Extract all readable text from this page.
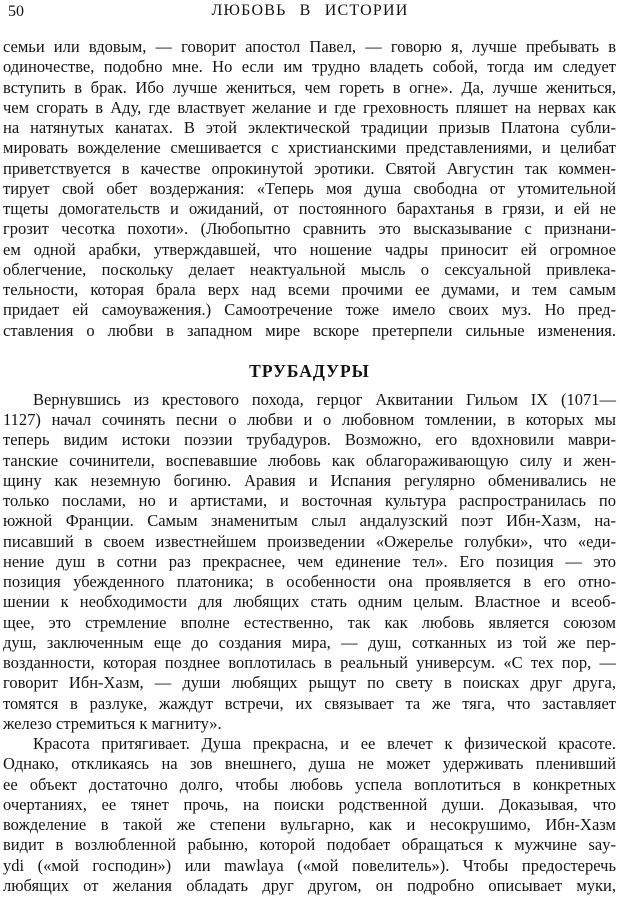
50	ЛЮБОВЬ В ИСТОРИИ
семьи или вдовым, — говорит апостол Павел, — говорю я, лучше пребывать в
одиночестве, подобно мне. Но если им трудно владеть собой, тогда им следует
вступить в брак. Ибо лучше жениться, чем гореть в огне». Да, лучше жениться,
чем сгорать в Аду, где властвует желание и где греховность пляшет на нервах как
на натянутых канатах. В этой эклектической традиции призыв Платона субли-
мировать вожделение смешивается с христианскими представлениями, и целибат
приветствуется в качестве опрокинутой эротики. Святой Августин так коммен-
тирует свой обет воздержания: «Теперь моя душа свободна от утомительной
тщеты домогательств и ожиданий, от постоянного барахтанья в грязи, и ей не
грозит чесотка похоти». (Любопытно сравнить это высказывание с признани-
ем одной арабки, утверждавшей, что ношение чадры приносит ей огромное
облегчение, поскольку делает неактуальной мысль о сексуальной привлека-
тельности, которая брала верх над всеми прочими ее думами, и тем самым
придает ей самоуважения.) Самоотречение тоже имело своих муз. Но пред-
ставления о любви в западном мире вскоре претерпели сильные изменения.
ТРУБАДУРЫ
Вернувшись из крестового похода, герцог Аквитании Гильом IX (1071—
1127) начал сочинять песни о любви и о любовном томлении, в которых мы
теперь видим истоки поэзии трубадуров. Возможно, его вдохновили маври-
танские сочинители, воспевавшие любовь как облагораживающую силу и жен-
щину как неземную богиню. Аравия и Испания регулярно обменивались не
только послами, но и артистами, и восточная культура распространилась по
южной Франции. Самым знаменитым слыл андалузский поэт Ибн-Хазм, на-
писавший в своем известнейшем произведении «Ожерелье голубки», что «еди-
нение душ в сотни раз прекраснее, чем единение тел». Его позиция — это
позиция убежденного платоника; в особенности она проявляется в его отно-
шении к необходимости для любящих стать одним целым. Властное и всеоб-
щее, это стремление вполне естественно, так как любовь является союзом
душ, заключенным еще до создания мира, — душ, сотканных из той же пер-
возданности, которая позднее воплотилась в реальный универсум. «С тех пор, —
говорит Ибн-Хазм, — души любящих рыщут по свету в поисках друг друга,
томятся в разлуке, жаждут встречи, их связывает та же тяга, что заставляет
железо стремиться к магниту».
Красота притягивает. Душа прекрасна, и ее влечет к физической красоте.
Однако, откликаясь на зов внешнего, душа не может удерживать пленивший
ее объект достаточно долго, чтобы любовь успела воплотиться в конкретных
очертаниях, ее тянет прочь, на поиски родственной души. Доказывая, что
вожделение в такой же степени вульгарно, как и несокрушимо, Ибн-Хазм
видит в возлюбленной рабыню, которой подобает обращаться к мужчине say-
ydi («мой господин») или mawlaya («мой повелитель»). Чтобы предостеречь
любящих от желания обладать друг другом, он подробно описывает муки,
